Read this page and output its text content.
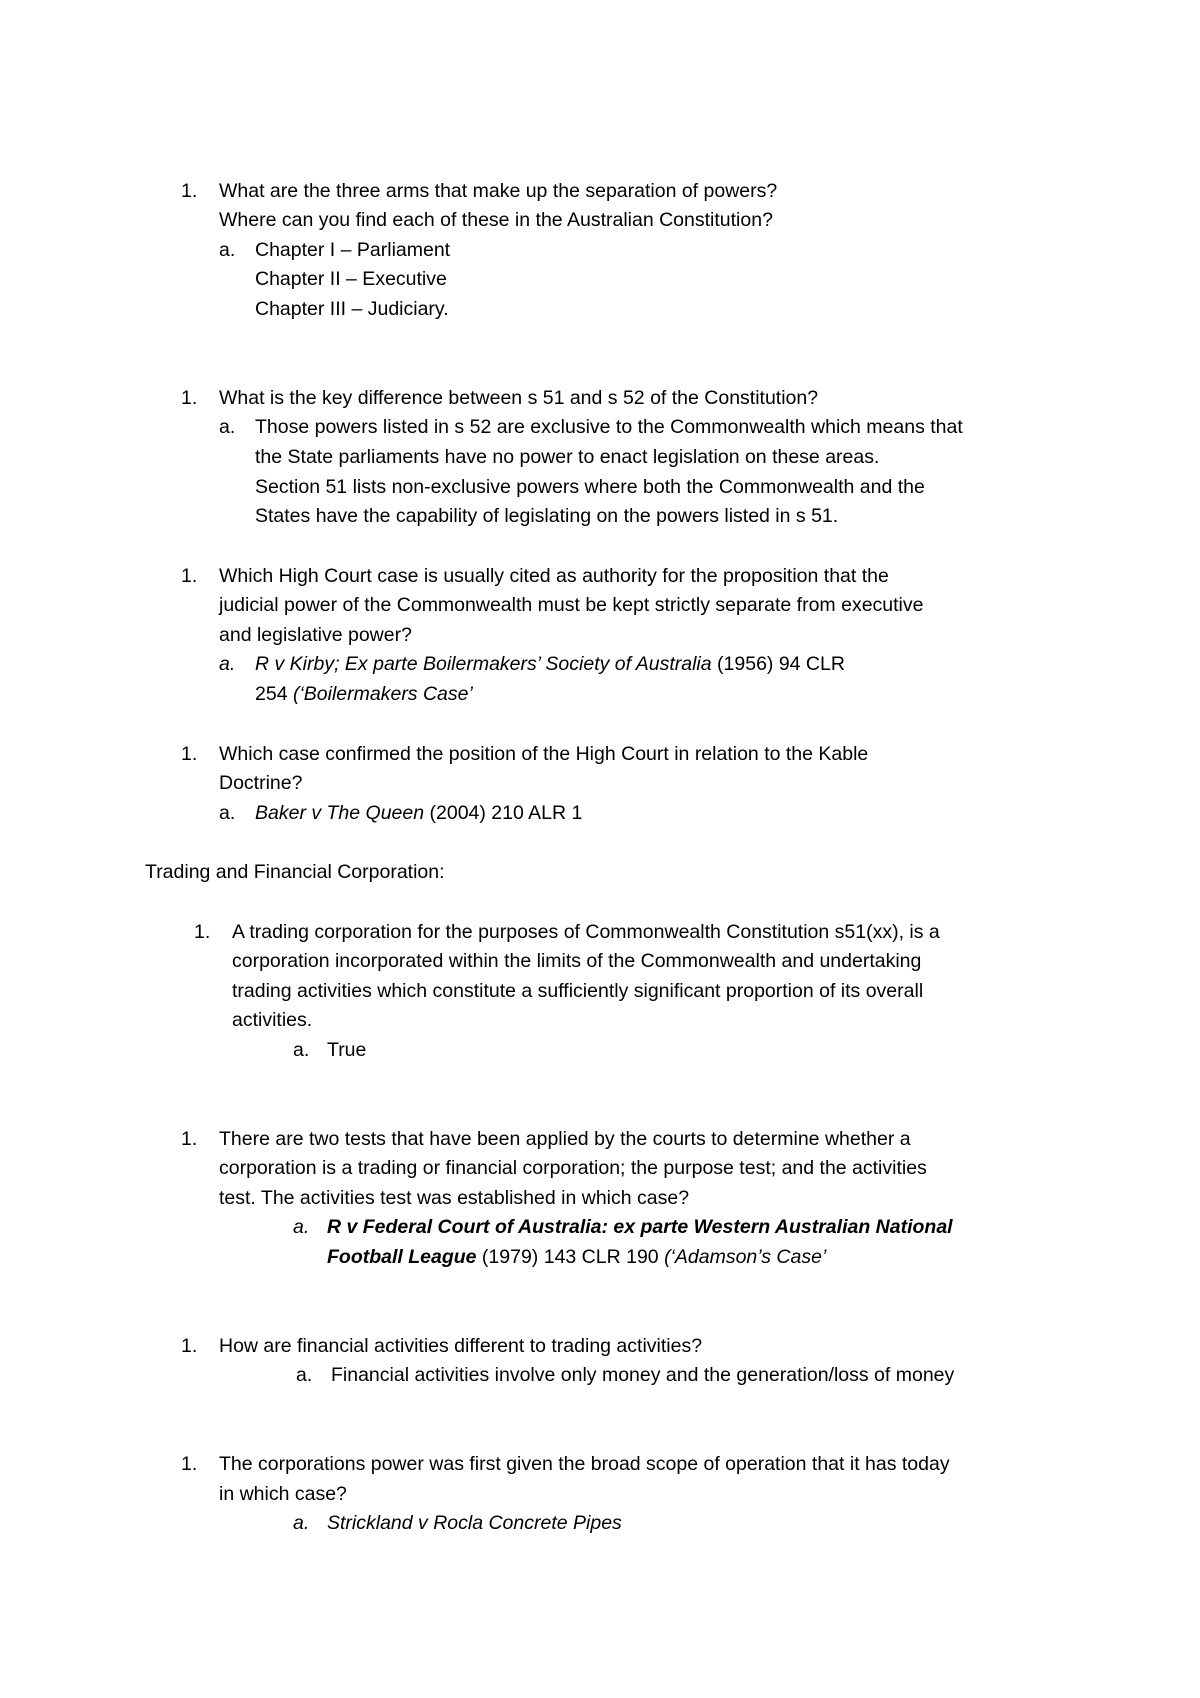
1. What are the three arms that make up the separation of powers?
Where can you find each of these in the Australian Constitution?
a. Chapter I – Parliament
Chapter II – Executive
Chapter III – Judiciary.
1. What is the key difference between s 51 and s 52 of the Constitution?
a. Those powers listed in s 52 are exclusive to the Commonwealth which means that
the State parliaments have no power to enact legislation on these areas.
Section 51 lists non-exclusive powers where both the Commonwealth and the
States have the capability of legislating on the powers listed in s 51.
1. Which High Court case is usually cited as authority for the proposition that the
judicial power of the Commonwealth must be kept strictly separate from executive
and legislative power?
a. R v Kirby; Ex parte Boilermakers’ Society of Australia (1956) 94 CLR
254 (‘Boilermakers Case’
1. Which case confirmed the position of the High Court in relation to the Kable
Doctrine?
a. Baker v The Queen (2004) 210 ALR 1
Trading and Financial Corporation:
1. A trading corporation for the purposes of Commonwealth Constitution s51(xx), is a
corporation incorporated within the limits of the Commonwealth and undertaking
trading activities which constitute a sufficiently significant proportion of its overall
activities.
a. True
1. There are two tests that have been applied by the courts to determine whether a
corporation is a trading or financial corporation; the purpose test; and the activities
test. The activities test was established in which case?
a. R v Federal Court of Australia: ex parte Western Australian National
Football League (1979) 143 CLR 190 (‘Adamson’s Case’
1. How are financial activities different to trading activities?
a. Financial activities involve only money and the generation/loss of money
1. The corporations power was first given the broad scope of operation that it has today
in which case?
a. Strickland v Rocla Concrete Pipes
